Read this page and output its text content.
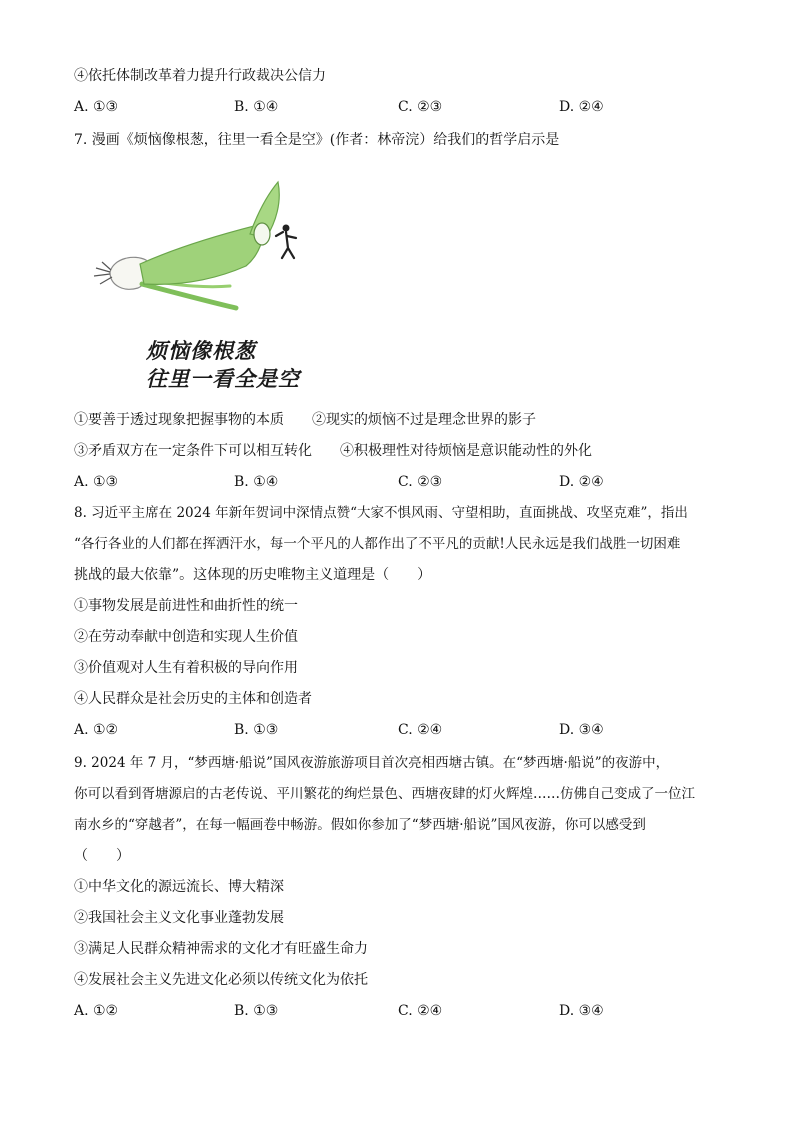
④依托体制改革着力提升行政裁决公信力
A. ①③	B. ①④	C. ②③	D. ②④
7. 漫画《烦恼像根葱，往里一看全是空》(作者：林帝浣）给我们的哲学启示是
烦恼像根葱
往里一看全是空
①要善于透过现象把握事物的本质　　②现实的烦恼不过是理念世界的影子
③矛盾双方在一定条件下可以相互转化　　④积极理性对待烦恼是意识能动性的外化
A. ①③	B. ①④	C. ②③	D. ②④
8. 习近平主席在 2024 年新年贺词中深情点赞“大家不惧风雨、守望相助，直面挑战、攻坚克难”，指出
“各行各业的人们都在挥洒汗水，每一个平凡的人都作出了不平凡的贡献!人民永远是我们战胜一切困难
挑战的最大依靠”。这体现的历史唯物主义道理是（　　）
①事物发展是前进性和曲折性的统一
②在劳动奉献中创造和实现人生价值
③价值观对人生有着积极的导向作用
④人民群众是社会历史的主体和创造者
A. ①②	B. ①③	C. ②④	D. ③④
9. 2024 年 7 月，“梦西塘·船说”国风夜游旅游项目首次亮相西塘古镇。在“梦西塘·船说”的夜游中，
你可以看到胥塘源启的古老传说、平川繁花的绚烂景色、西塘夜肆的灯火辉煌……仿佛自己变成了一位江
南水乡的“穿越者”，在每一幅画卷中畅游。假如你参加了“梦西塘·船说”国风夜游，你可以感受到
（　　）
①中华文化的源远流长、博大精深
②我国社会主义文化事业蓬勃发展
③满足人民群众精神需求的文化才有旺盛生命力
④发展社会主义先进文化必须以传统文化为依托
A. ①②	B. ①③	C. ②④	D. ③④
